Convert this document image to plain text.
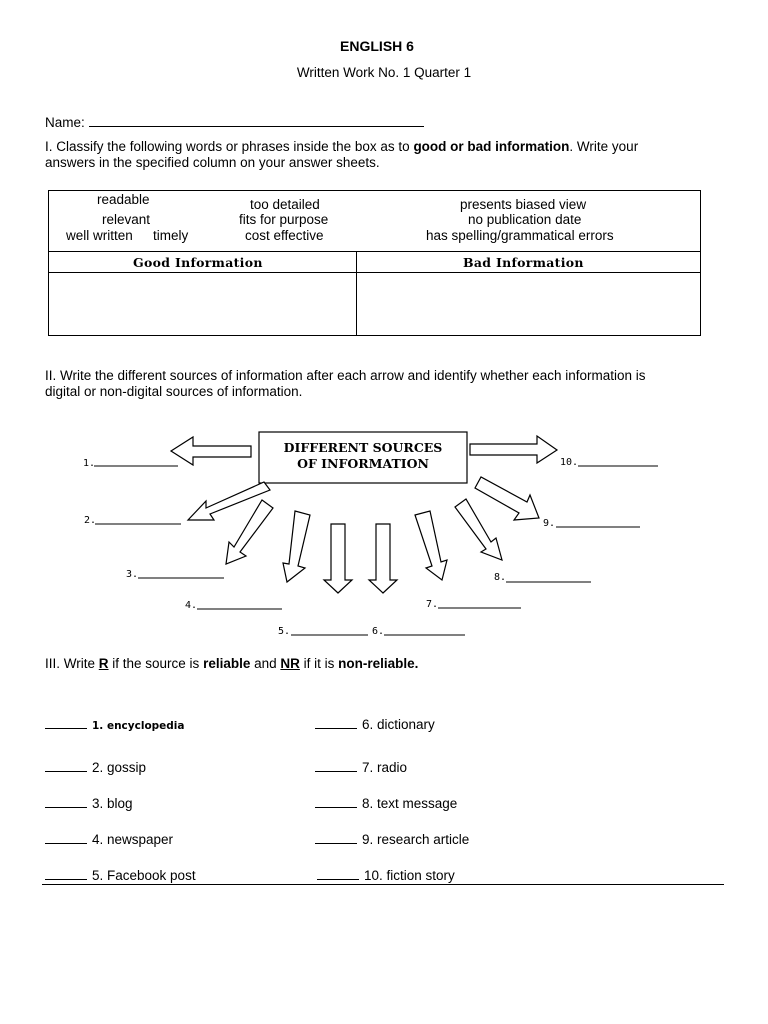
ENGLISH 6
Written Work No. 1 Quarter 1
Name:
I. Classify the following words or phrases inside the box as to good or bad information. Write your
answers in the specified column on your answer sheets.
readable
relevant
well written timely
too detailed
fits for purpose
cost effective
presents biased view
no publication date
has spelling/grammatical errors
Good Information	Bad Information
II. Write the different sources of information after each arrow and identify whether each information is
digital or non-digital sources of information.
DIFFERENT SOURCES
OF INFORMATION
1.
2.
3.
4.
5.	6.
7.
8.
9.
10.
III. Write R if the source is reliable and NR if it is non-reliable.
1. encyclopedia
2. gossip
3. blog
4. newspaper
5. Facebook post
6. dictionary
7. radio
8. text message
9. research article
10. fiction story
